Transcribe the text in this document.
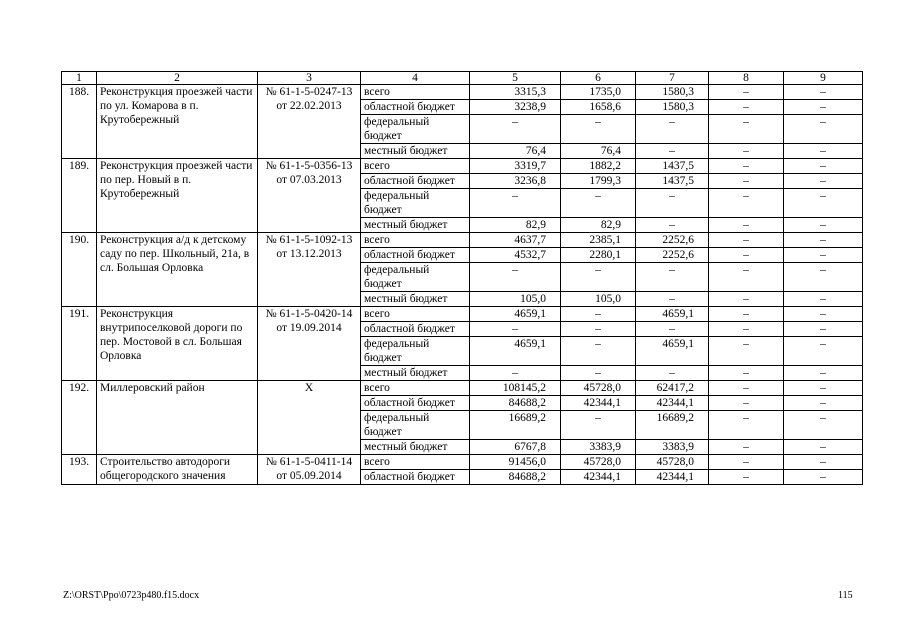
1	2	3	4	5	6	7	8	9
188.	Реконструкция проезжей части по ул. Комарова в п. Крутобережный	№ 61-1-5-0247-13 от 22.02.2013	всего	3315,3	1735,0	1580,3	–	–
			областной бюджет	3238,9	1658,6	1580,3	–	–
			федеральный бюджет	–	–	–	–	–
			местный бюджет	76,4	76,4	–	–	–
189.	Реконструкция проезжей части по пер. Новый в п. Крутобережный	№ 61-1-5-0356-13 от 07.03.2013	всего	3319,7	1882,2	1437,5	–	–
			областной бюджет	3236,8	1799,3	1437,5	–	–
			федеральный бюджет	–	–	–	–	–
			местный бюджет	82,9	82,9	–	–	–
190.	Реконструкция а/д к детскому саду по пер. Школьный, 21а, в сл. Большая Орловка	№ 61-1-5-1092-13 от 13.12.2013	всего	4637,7	2385,1	2252,6	–	–
			областной бюджет	4532,7	2280,1	2252,6	–	–
			федеральный бюджет	–	–	–	–	–
			местный бюджет	105,0	105,0	–	–	–
191.	Реконструкция внутрипоселковой дороги по пер. Мостовой в сл. Большая Орловка	№ 61-1-5-0420-14 от 19.09.2014	всего	4659,1	–	4659,1	–	–
			областной бюджет	–	–	–	–	–
			федеральный бюджет	4659,1	–	4659,1	–	–
			местный бюджет	–	–	–	–	–
192.	Миллеровский район	Х	всего	108145,2	45728,0	62417,2	–	–
			областной бюджет	84688,2	42344,1	42344,1	–	–
			федеральный бюджет	16689,2	–	16689,2	–	–
			местный бюджет	6767,8	3383,9	3383,9	–	–
193.	Строительство автодороги общегородского значения	№ 61-1-5-0411-14 от 05.09.2014	всего	91456,0	45728,0	45728,0	–	–
			областной бюджет	84688,2	42344,1	42344,1	–	–
Z:\ORST\Ppo\0723p480.f15.docx	115
